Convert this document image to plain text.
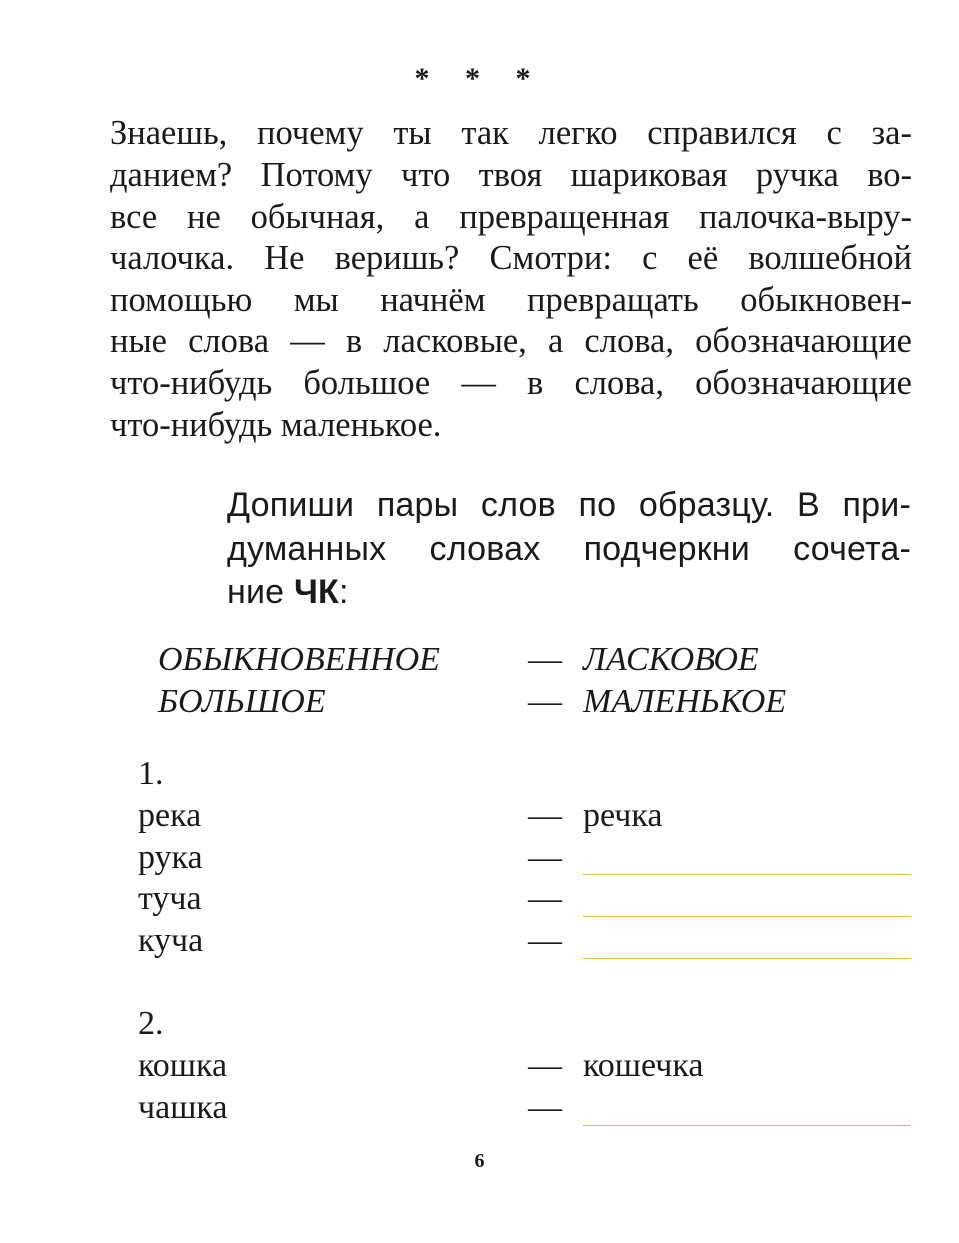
* * *
Знаешь, почему ты так легко справился с за-
данием? Потому что твоя шариковая ручка во-
все не обычная, а превращенная палочка-выру-
чалочка. Не веришь? Смотри: с её волшебной
помощью мы начнём превращать обыкновен-
ные слова — в ласковые, а слова, обозначающие
что-нибудь большое — в слова, обозначающие
что-нибудь маленькое.
Допиши пары слов по образцу. В при-
думанных словах подчеркни сочета-
ние ЧК:
ОБЫКНОВЕННОЕ	— ЛАСКОВОЕ
БОЛЬШОЕ	— МАЛЕНЬКОЕ
1.
река	— речка
рука	—
туча	—
куча	—
2.
кошка	— кошечка
чашка	—
6
